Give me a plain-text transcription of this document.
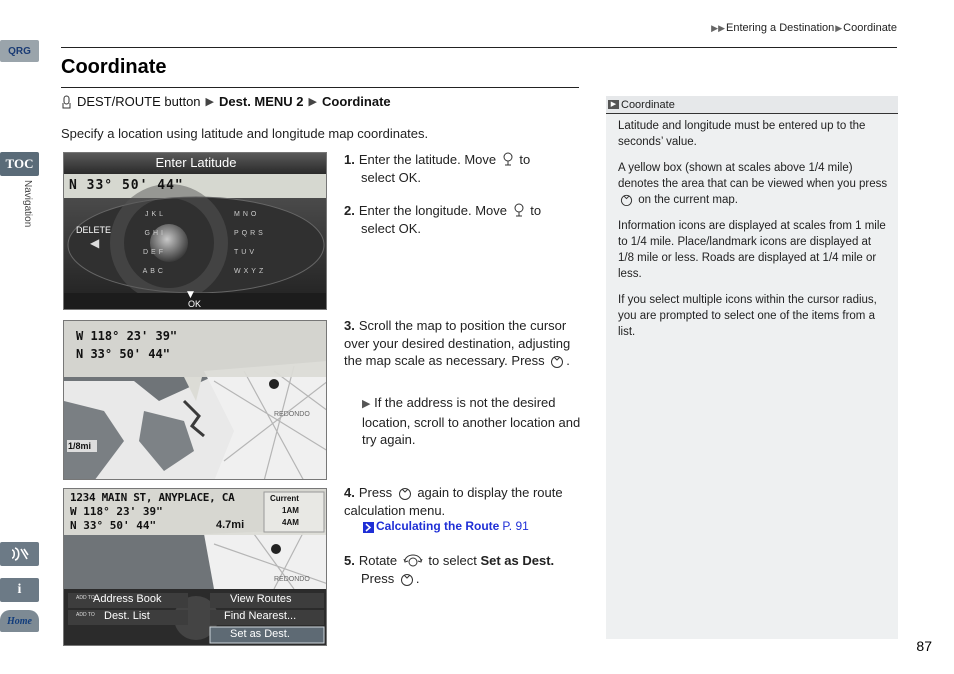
QRG
TOC
Navigation
i
Home
▶▶Entering a Destination▶Coordinate
Coordinate
DEST/ROUTE button ▶ Dest. MENU 2 ▶ Coordinate

Specify a location using latitude and longitude map coordinates.

Enter Latitude
N 33° 50' 44"
DELETE
◀
JKL
GHI
DEF
ABC
MNO
PQRS
TUV
WXYZ
▼
OK
W 118° 23' 39"
N 33° 50' 44"
1/8mi
REDONDO
1234 MAIN ST, ANYPLACE, CA
W 118° 23' 39"
N 33° 50' 44"	4.7mi
Current
1AM
4AM
REDONDO
ADD TO
Address Book	View Routes
ADD TO Dest. List	Find Nearest...
Set as Dest.
1. Enter the latitude. Move to
select OK.
2. Enter the longitude. Move to
select OK.
3. Scroll the map to position the cursor over your desired destination, adjusting the map scale as necessary. Press .
▶ If the address is not the desired location, scroll to another location and try again.
4. Press again to display the route calculation menu.
Calculating the Route P. 91
5. Rotate to select Set as Dest.
Press .
▶ Coordinate

Latitude and longitude must be entered up to the seconds’ value.

A yellow box (shown at scales above 1/4 mile) denotes the area that can be viewed when you press  on the current map.

Information icons are displayed at scales from 1 mile to 1/4 mile. Place/landmark icons are displayed at 1/8 mile or less. Roads are displayed at 1/4 mile or less.

If you select multiple icons within the cursor radius, you are prompted to select one of the items from a list.

87
